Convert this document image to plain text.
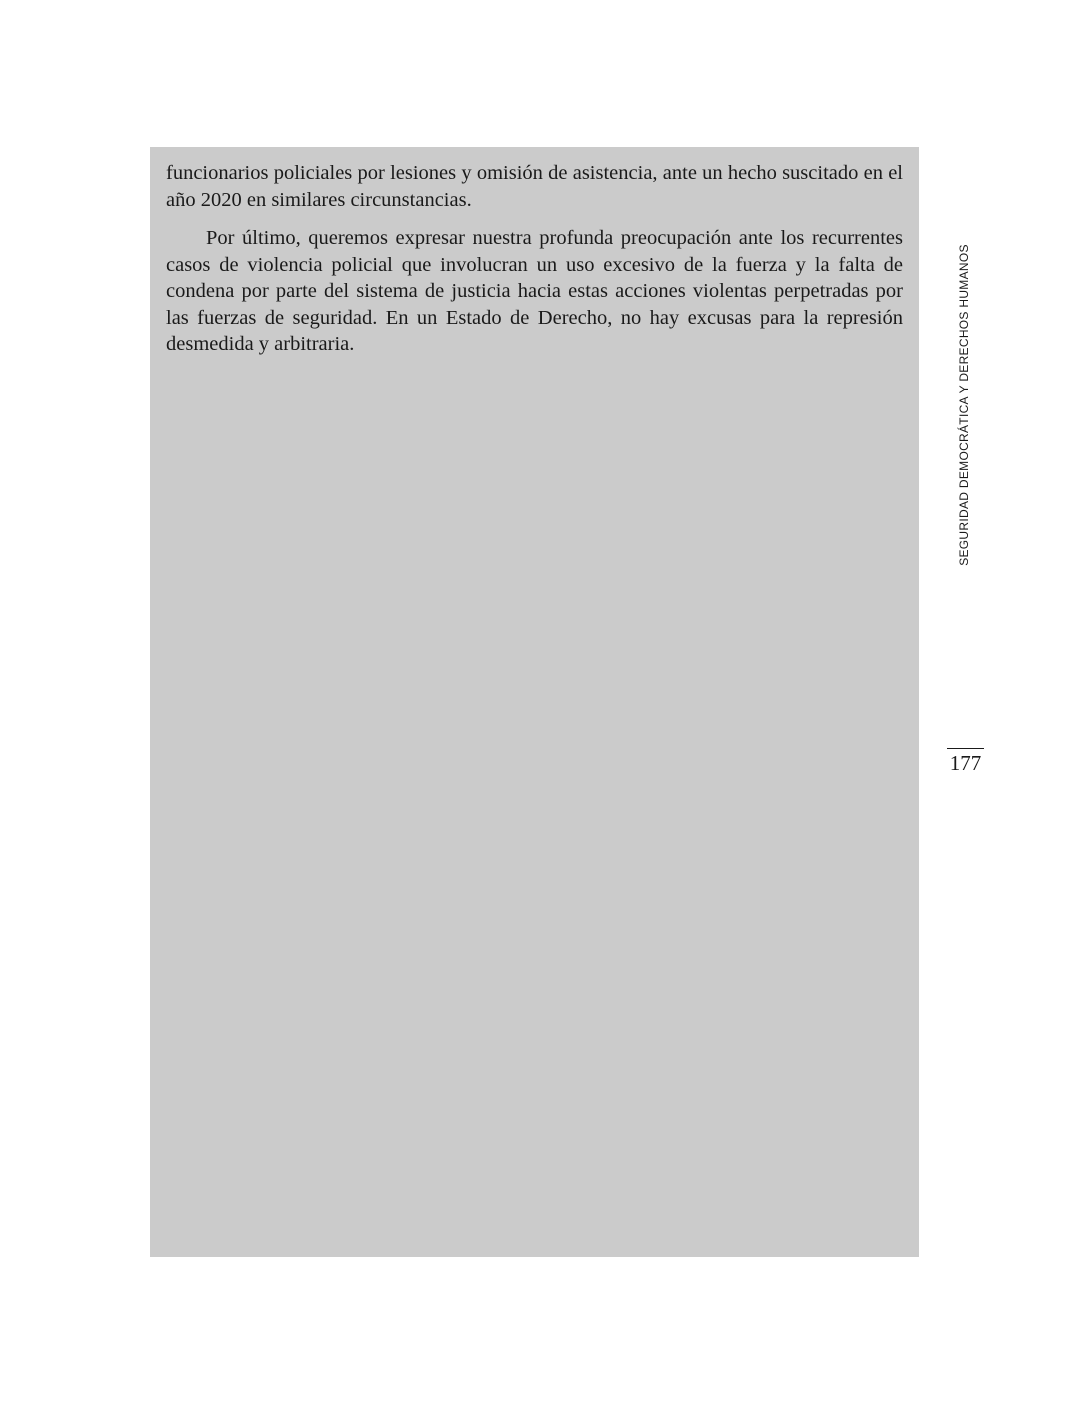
funcionarios policiales por lesiones y omisión de asistencia, ante un hecho suscitado en el año 2020 en similares circunstancias.

Por último, queremos expresar nuestra profunda preocupación ante los recurrentes casos de violencia policial que involucran un uso excesivo de la fuerza y la falta de condena por parte del sistema de justicia hacia estas acciones violentas perpetradas por las fuerzas de seguridad. En un Estado de Derecho, no hay excusas para la represión desmedida y arbitraria.	SEGURIDAD DEMOCRÁTICA Y DERECHOS HUMANOS
177
